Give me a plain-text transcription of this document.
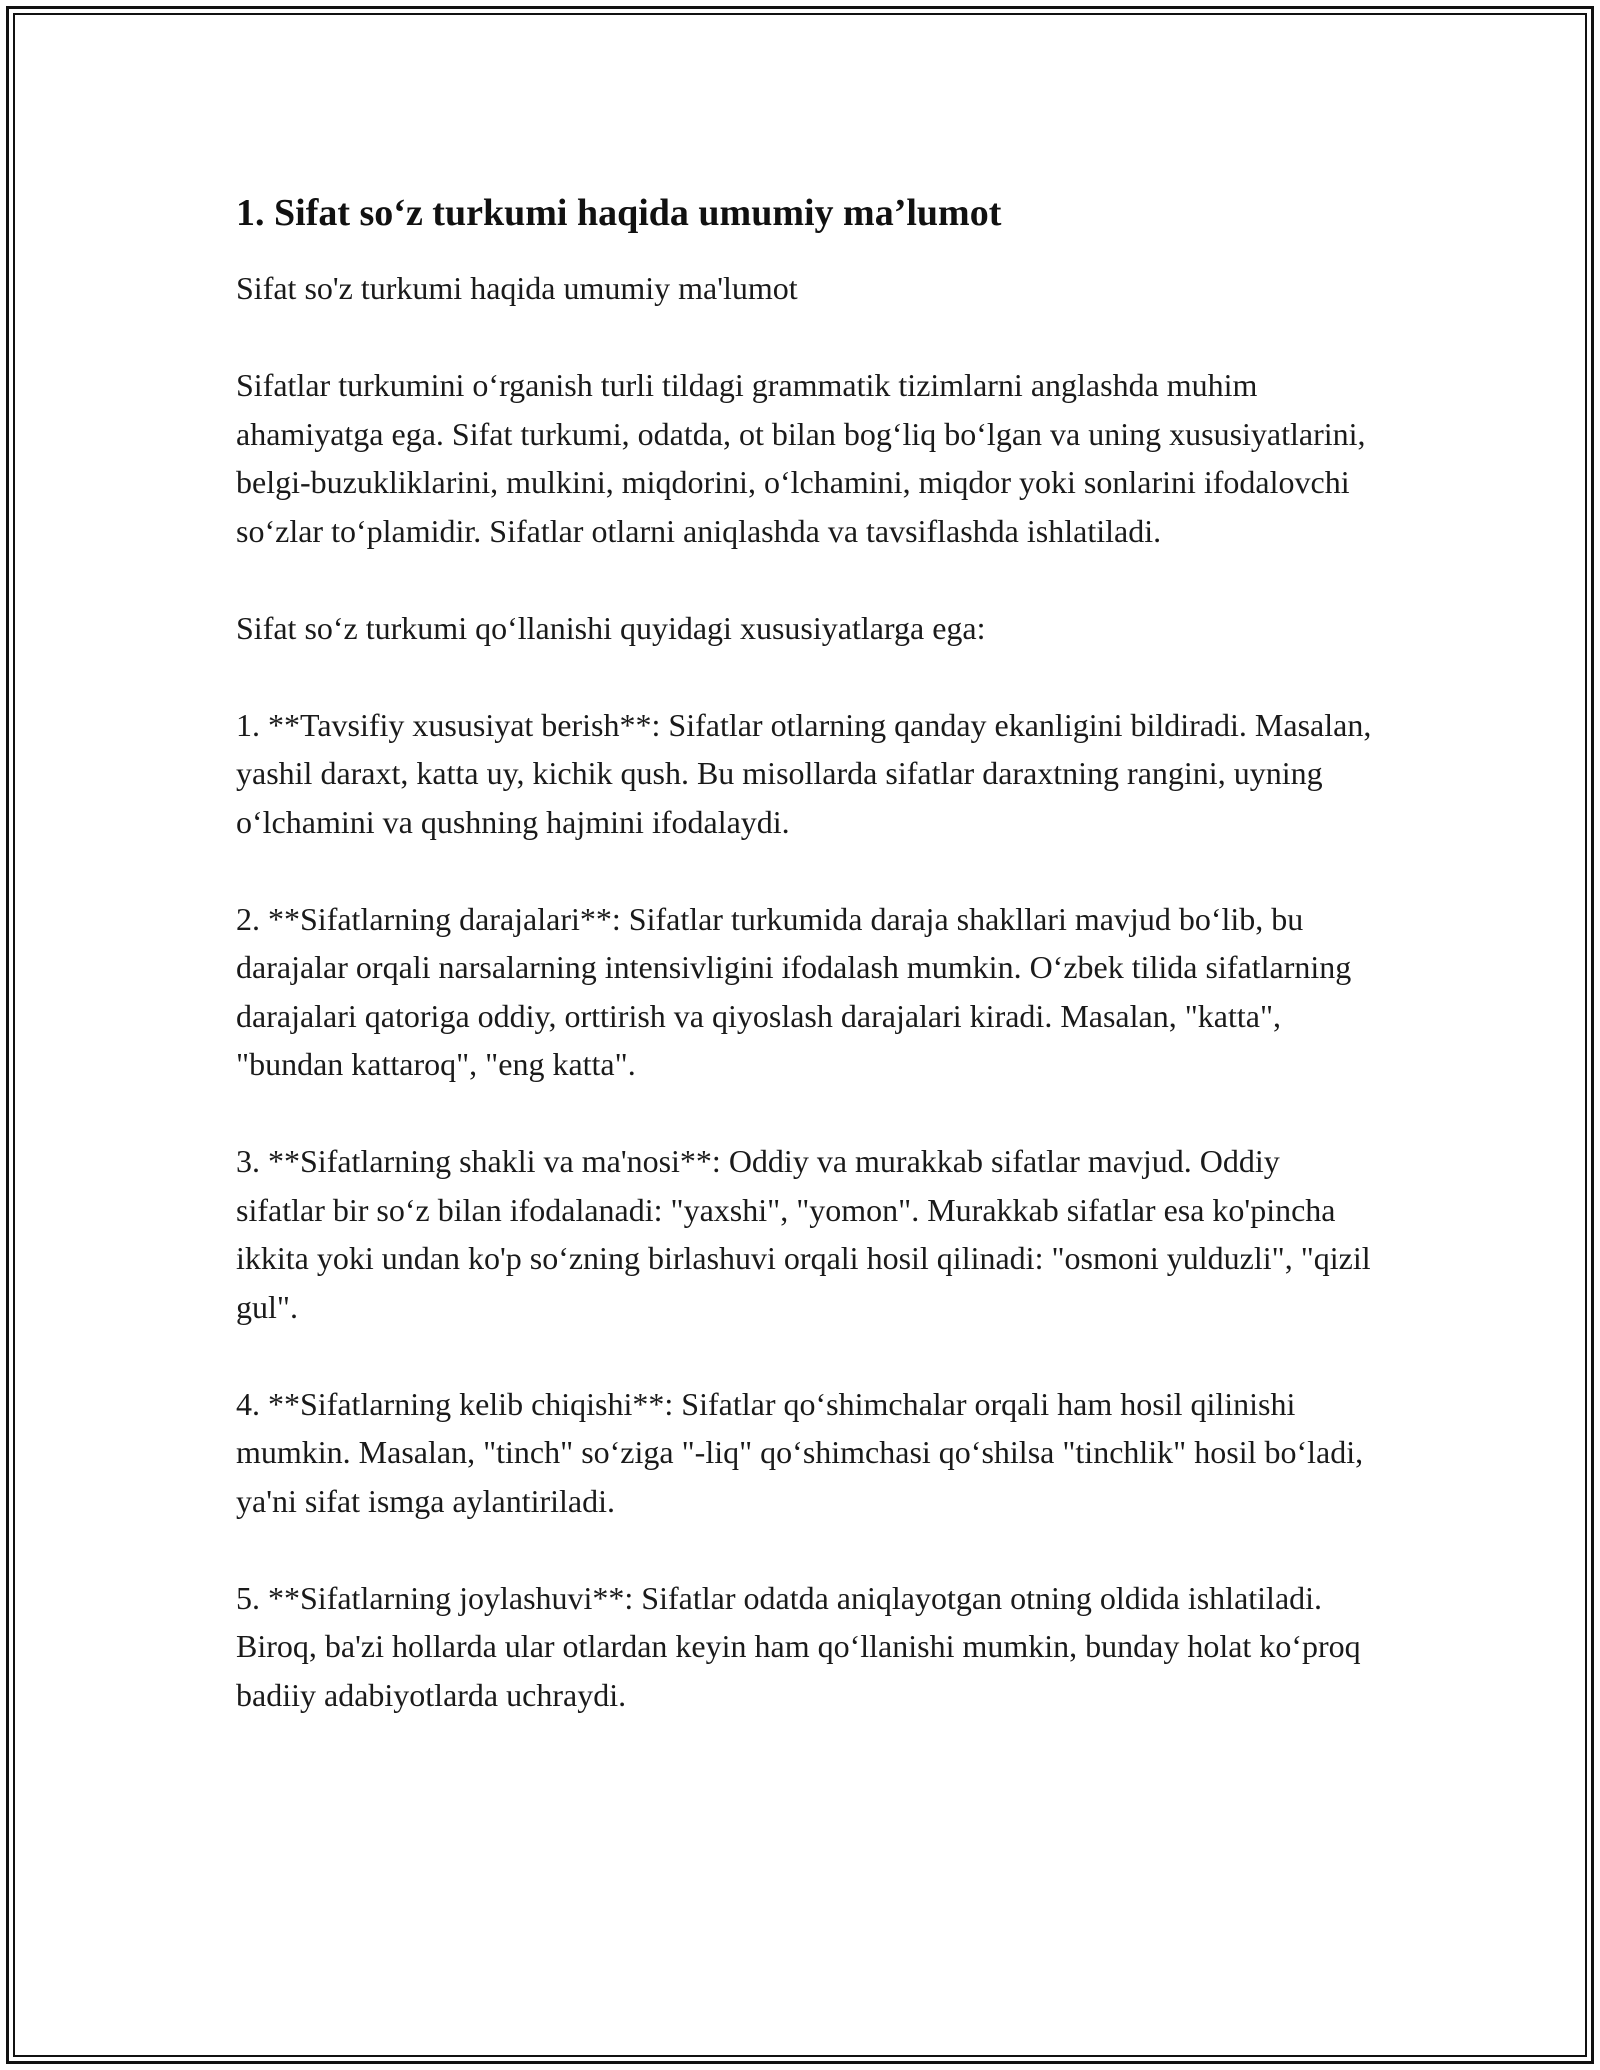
1. Sifat so‘z turkumi haqida umumiy ma’lumot

Sifat so'z turkumi haqida umumiy ma'lumot

Sifatlar turkumini o‘rganish turli tildagi grammatik tizimlarni anglashda muhim ahamiyatga ega. Sifat turkumi, odatda, ot bilan bog‘liq bo‘lgan va uning xususiyatlarini, belgi-buzukliklarini, mulkini, miqdorini, o‘lchamini, miqdor yoki sonlarini ifodalovchi so‘zlar to‘plamidir. Sifatlar otlarni aniqlashda va tavsiflashda ishlatiladi.

Sifat so‘z turkumi qo‘llanishi quyidagi xususiyatlarga ega:

1. **Tavsifiy xususiyat berish**: Sifatlar otlarning qanday ekanligini bildiradi. Masalan, yashil daraxt, katta uy, kichik qush. Bu misollarda sifatlar daraxtning rangini, uyning o‘lchamini va qushning hajmini ifodalaydi.

2. **Sifatlarning darajalari**: Sifatlar turkumida daraja shakllari mavjud bo‘lib, bu darajalar orqali narsalarning intensivligini ifodalash mumkin. O‘zbek tilida sifatlarning darajalari qatoriga oddiy, orttirish va qiyoslash darajalari kiradi. Masalan, "katta", "bundan kattaroq", "eng katta".

3. **Sifatlarning shakli va ma'nosi**: Oddiy va murakkab sifatlar mavjud. Oddiy sifatlar bir so‘z bilan ifodalanadi: "yaxshi", "yomon". Murakkab sifatlar esa ko'pincha ikkita yoki undan ko'p so‘zning birlashuvi orqali hosil qilinadi: "osmoni yulduzli", "qizil gul".

4. **Sifatlarning kelib chiqishi**: Sifatlar qo‘shimchalar orqali ham hosil qilinishi mumkin. Masalan, "tinch" so‘ziga "-liq" qo‘shimchasi qo‘shilsa "tinchlik" hosil bo‘ladi, ya'ni sifat ismga aylantiriladi.

5. **Sifatlarning joylashuvi**: Sifatlar odatda aniqlayotgan otning oldida ishlatiladi. Biroq, ba'zi hollarda ular otlardan keyin ham qo‘llanishi mumkin, bunday holat ko‘proq badiiy adabiyotlarda uchraydi.
